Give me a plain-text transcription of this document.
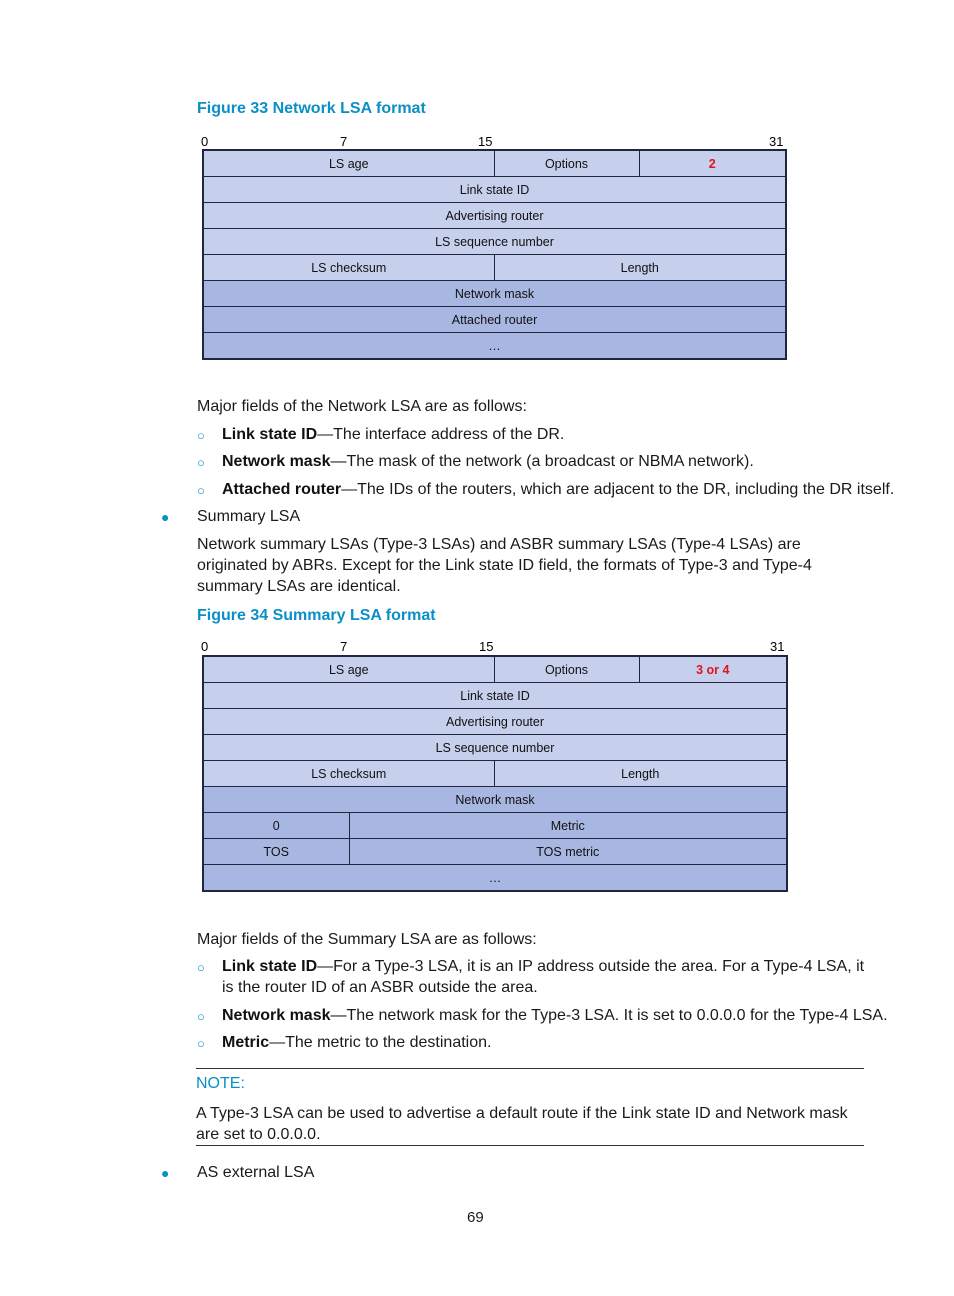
Figure 33 Network LSA format
0	7	15	31
LS age	Options	2
Link state ID		
Advertising router		
LS sequence number		
LS checksum	Length	
Network mask		
Attached router		
…		
Major fields of the Network LSA are as follows:
○ Link state ID—The interface address of the DR.
○ Network mask—The mask of the network (a broadcast or NBMA network).
○ Attached router—The IDs of the routers, which are adjacent to the DR, including the DR itself.
● Summary LSA
Network summary LSAs (Type-3 LSAs) and ASBR summary LSAs (Type-4 LSAs) are originated by ABRs. Except for the Link state ID field, the formats of Type-3 and Type-4 summary LSAs are identical.
Figure 34 Summary LSA format
0	7	15	31
LS age		Options	3 or 4
Link state ID			
Advertising router			
LS sequence number			
LS checksum		Length	
Network mask			
0	Metric		
TOS	TOS metric		
…			
Major fields of the Summary LSA are as follows:
○ Link state ID—For a Type-3 LSA, it is an IP address outside the area. For a Type-4 LSA, it is the router ID of an ASBR outside the area.
○ Network mask—The network mask for the Type-3 LSA. It is set to 0.0.0.0 for the Type-4 LSA.
○ Metric—The metric to the destination.
NOTE:
A Type-3 LSA can be used to advertise a default route if the Link state ID and Network mask are set to 0.0.0.0.
● AS external LSA
69
